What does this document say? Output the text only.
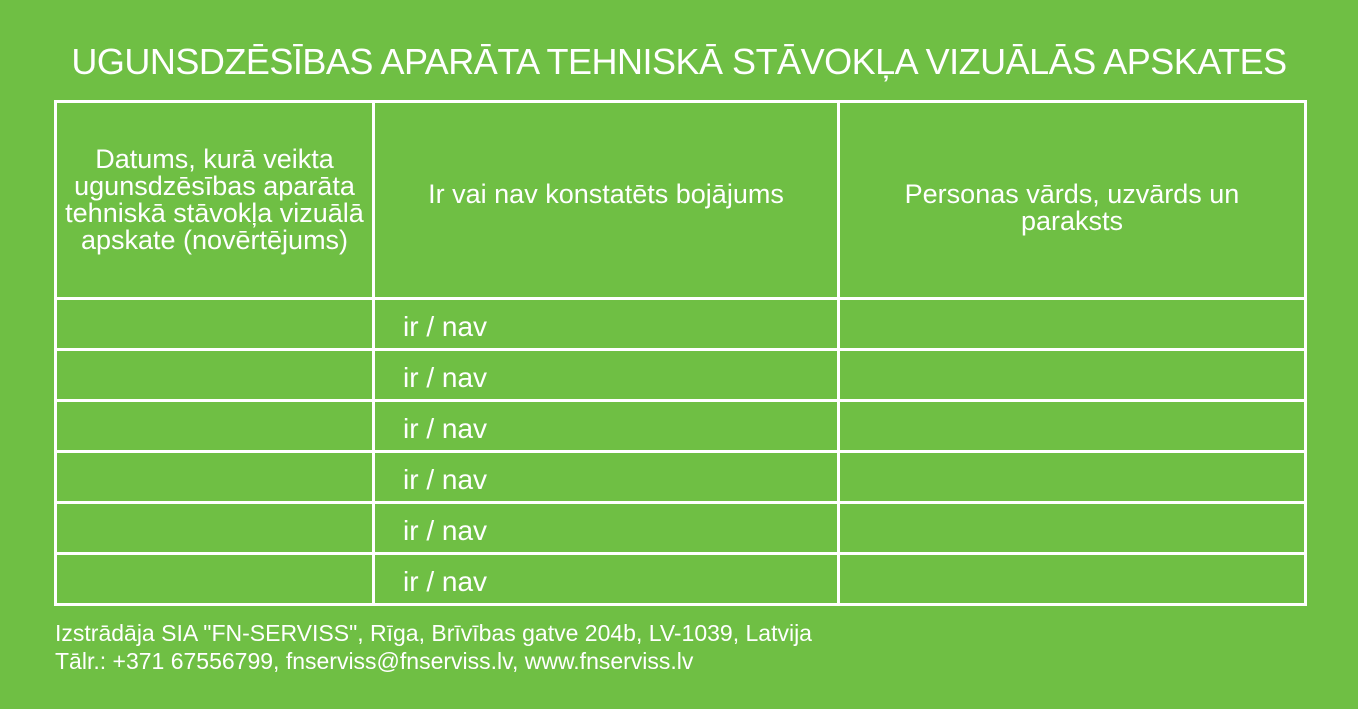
UGUNSDZĒSĪBAS APARĀTA TEHNISKĀ STĀVOKĻA VIZUĀLĀS APSKATES
Datums, kurā veikta ugunsdzēsības aparāta tehniskā stāvokļa vizuālā apskate (novērtējums)	Ir vai nav konstatēts bojājums	Personas vārds, uzvārds un paraksts
	ir / nav	
	ir / nav	
	ir / nav	
	ir / nav	
	ir / nav	
	ir / nav	
Izstrādāja SIA "FN-SERVISS", Rīga, Brīvības gatve 204b, LV-1039, Latvija
Tālr.: +371 67556799, fnserviss@fnserviss.lv, www.fnserviss.lv
